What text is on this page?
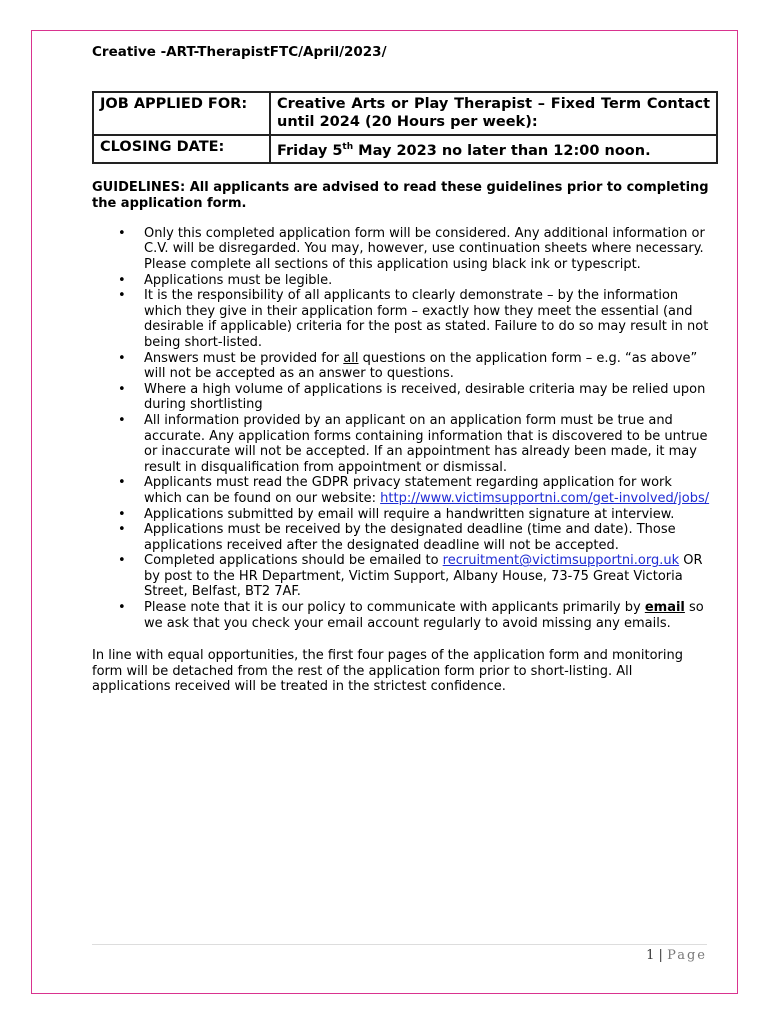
Creative -ART-TherapistFTC/April/2023/

JOB APPLIED FOR:	Creative Arts or Play Therapist – Fixed Term Contact until 2024 (20 Hours per week):
CLOSING DATE:	Friday 5th May 2023 no later than 12:00 noon.

GUIDELINES: All applicants are advised to read these guidelines prior to completing the application form.

• Only this completed application form will be considered. Any additional information or C.V. will be disregarded. You may, however, use continuation sheets where necessary. Please complete all sections of this application using black ink or typescript.
• Applications must be legible.
• It is the responsibility of all applicants to clearly demonstrate – by the information which they give in their application form – exactly how they meet the essential (and desirable if applicable) criteria for the post as stated. Failure to do so may result in not being short-listed.
• Answers must be provided for all questions on the application form – e.g. “as above” will not be accepted as an answer to questions.
• Where a high volume of applications is received, desirable criteria may be relied upon during shortlisting
• All information provided by an applicant on an application form must be true and accurate. Any application forms containing information that is discovered to be untrue or inaccurate will not be accepted. If an appointment has already been made, it may result in disqualification from appointment or dismissal.
• Applicants must read the GDPR privacy statement regarding application for work which can be found on our website: http://www.victimsupportni.com/get-involved/jobs/
• Applications submitted by email will require a handwritten signature at interview.
• Applications must be received by the designated deadline (time and date). Those applications received after the designated deadline will not be accepted.
• Completed applications should be emailed to recruitment@victimsupportni.org.uk OR by post to the HR Department, Victim Support, Albany House, 73-75 Great Victoria Street, Belfast, BT2 7AF.
• Please note that it is our policy to communicate with applicants primarily by email so we ask that you check your email account regularly to avoid missing any emails.

In line with equal opportunities, the first four pages of the application form and monitoring form will be detached from the rest of the application form prior to short-listing. All applications received will be treated in the strictest confidence.

1 | Page
